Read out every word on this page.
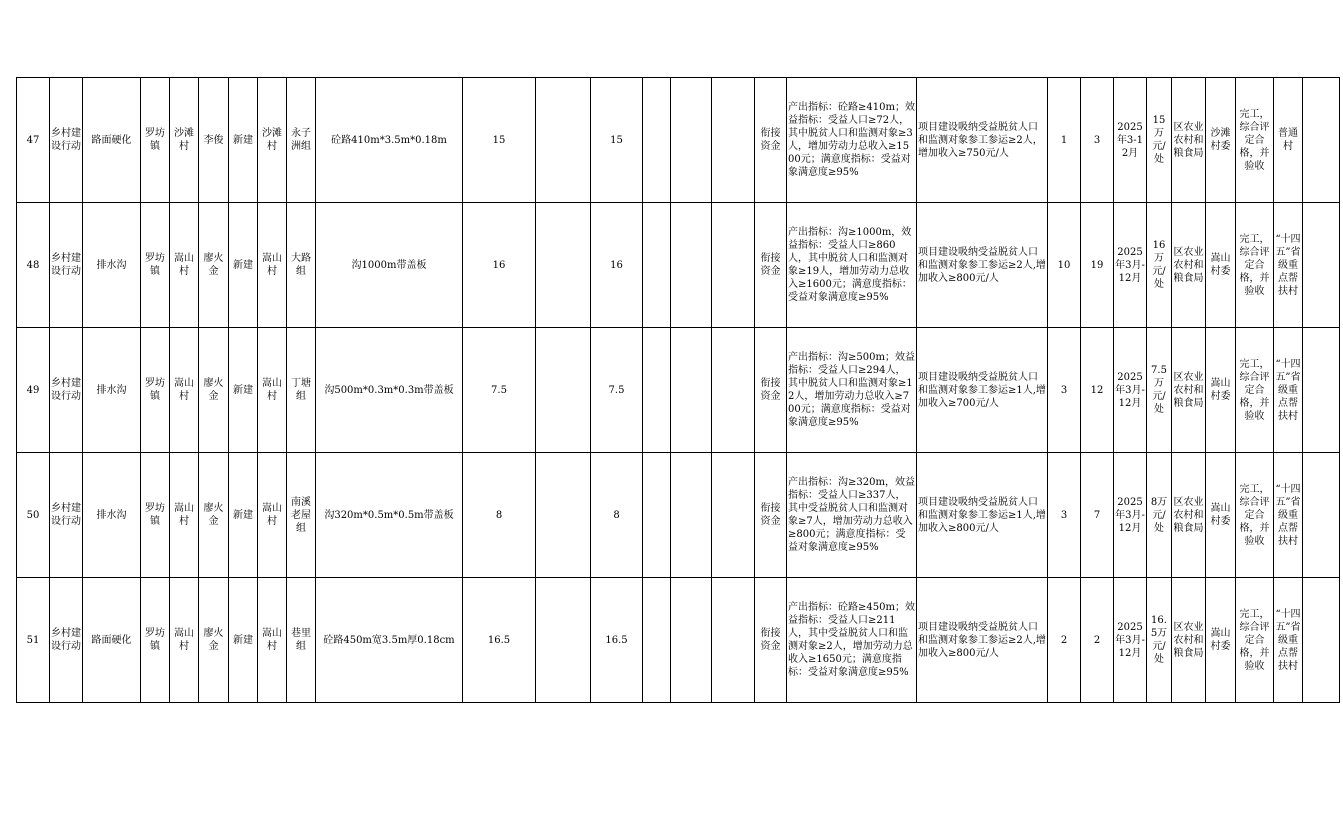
47	乡村建设行动	路面硬化	罗坊镇	沙滩村	李俊	新建	沙滩村	永子洲组	砼路410m*3.5m*0.18m	15		15				衔接资金	产出指标：砼路≥410m；效益指标：受益人口≥72人，其中脱贫人口和监测对象≥3人，增加劳动力总收入≥1500元；满意度指标：受益对象满意度≥95%	项目建设吸纳受益脱贫人口和监测对象参工参运≥2人，增加收入≥750元/人	1	3	2025年3-12月	15万元/处	区农业农村和粮食局	沙滩村委	完工，综合评定合格，并验收	普通村	
48	乡村建设行动	排水沟	罗坊镇	嵩山村	廖火金	新建	嵩山村	大路组	沟1000m带盖板	16		16				衔接资金	产出指标：沟≥1000m，效益指标：受益人口≥860人，其中脱贫人口和监测对象≥19人，增加劳动力总收入≥1600元；满意度指标：受益对象满意度≥95%	项目建设吸纳受益脱贫人口和监测对象参工参运≥2人,增加收入≥800元/人	10	19	2025年3月-12月	16万元/处	区农业农村和粮食局	嵩山村委	完工，综合评定合格，并验收	“十四五”省级重点帮扶村	
49	乡村建设行动	排水沟	罗坊镇	嵩山村	廖火金	新建	嵩山村	丁塘组	沟500m*0.3m*0.3m带盖板	7.5		7.5				衔接资金	产出指标：沟≥500m；效益指标：受益人口≥294人，其中脱贫人口和监测对象≥12人，增加劳动力总收入≥700元；满意度指标：受益对象满意度≥95%	项目建设吸纳受益脱贫人口和监测对象参工参运≥1人,增加收入≥700元/人	3	12	2025年3月-12月	7.5万元/处	区农业农村和粮食局	嵩山村委	完工，综合评定合格，并验收	“十四五”省级重点帮扶村	
50	乡村建设行动	排水沟	罗坊镇	嵩山村	廖火金	新建	嵩山村	南溪老屋组	沟320m*0.5m*0.5m带盖板	8		8				衔接资金	产出指标：沟≥320m，效益指标：受益人口≥337人，其中受益脱贫人口和监测对象≥7人，增加劳动力总收入≥800元；满意度指标：受益对象满意度≥95%	项目建设吸纳受益脱贫人口和监测对象参工参运≥1人,增加收入≥800元/人	3	7	2025年3月-12月	8万元/处	区农业农村和粮食局	嵩山村委	完工，综合评定合格，并验收	“十四五”省级重点帮扶村	
51	乡村建设行动	路面硬化	罗坊镇	嵩山村	廖火金	新建	嵩山村	巷里组	砼路450m宽3.5m厚0.18cm	16.5		16.5				衔接资金	产出指标：砼路≥450m；效益指标：受益人口≥211人，其中受益脱贫人口和监测对象≥2人，增加劳动力总收入≥1650元；满意度指标：受益对象满意度≥95%	项目建设吸纳受益脱贫人口和监测对象参工参运≥2人,增加收入≥800元/人	2	2	2025年3月-12月	16.5万元/处	区农业农村和粮食局	嵩山村委	完工，综合评定合格，并验收	“十四五”省级重点帮扶村	
